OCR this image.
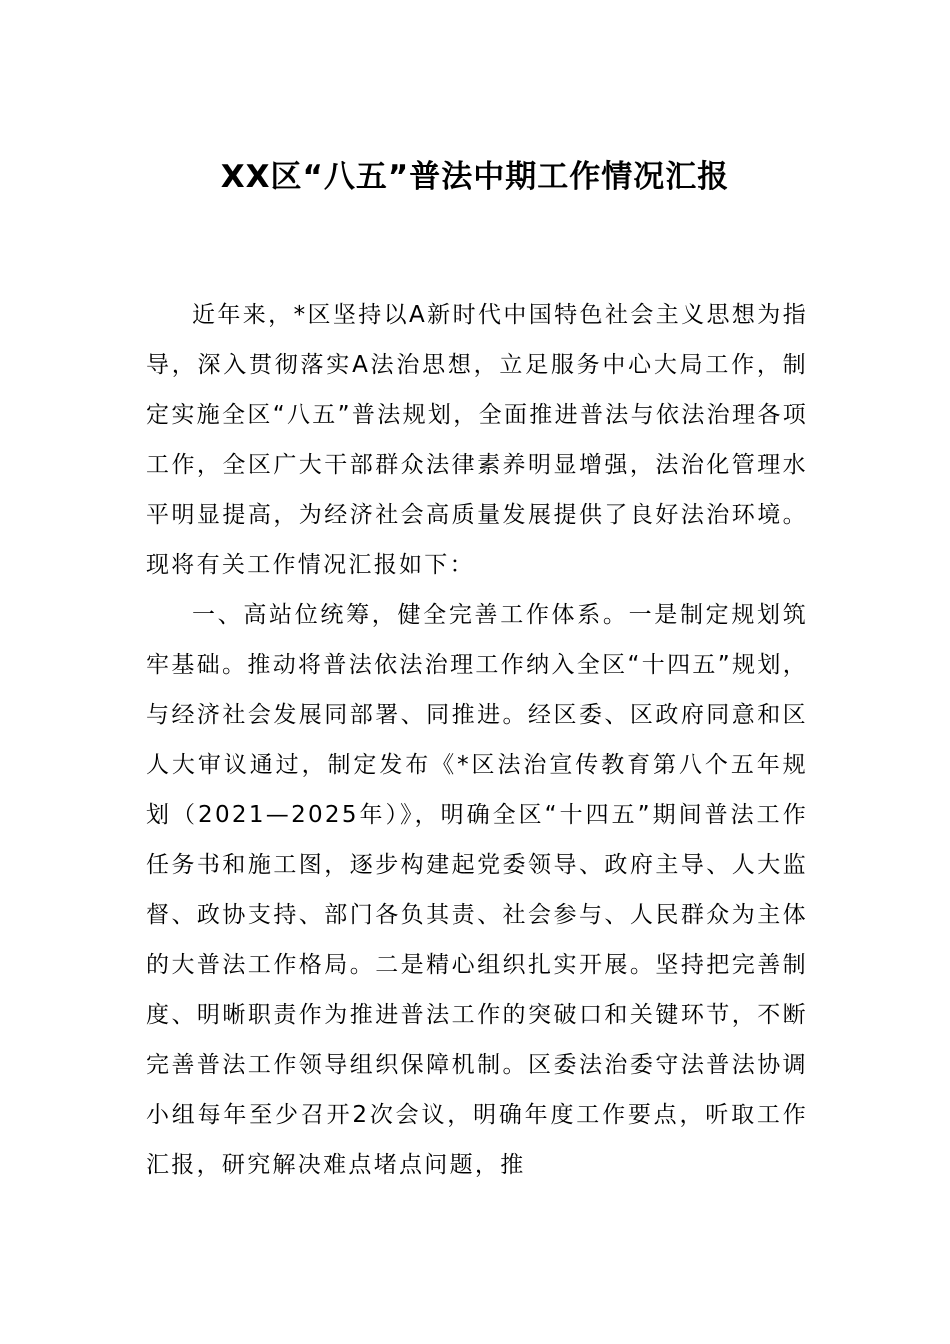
XX区“八五”普法中期工作情况汇报

近年来，*区坚持以A新时代中国特色社会主义思想为指导，深入贯彻落实A法治思想，立足服务中心大局工作，制定实施全区“八五”普法规划，全面推进普法与依法治理各项工作，全区广大干部群众法律素养明显增强，法治化管理水平明显提高，为经济社会高质量发展提供了良好法治环境。现将有关工作情况汇报如下：

一、高站位统筹，健全完善工作体系。一是制定规划筑牢基础。推动将普法依法治理工作纳入全区“十四五”规划，与经济社会发展同部署、同推进。经区委、区政府同意和区人大审议通过，制定发布《*区法治宣传教育第八个五年规划（2021—2025年）》，明确全区“十四五”期间普法工作任务书和施工图，逐步构建起党委领导、政府主导、人大监督、政协支持、部门各负其责、社会参与、人民群众为主体的大普法工作格局。二是精心组织扎实开展。坚持把完善制度、明晰职责作为推进普法工作的突破口和关键环节，不断完善普法工作领导组织保障机制。区委法治委守法普法协调小组每年至少召开2次会议，明确年度工作要点，听取工作汇报，研究解决难点堵点问题，推
